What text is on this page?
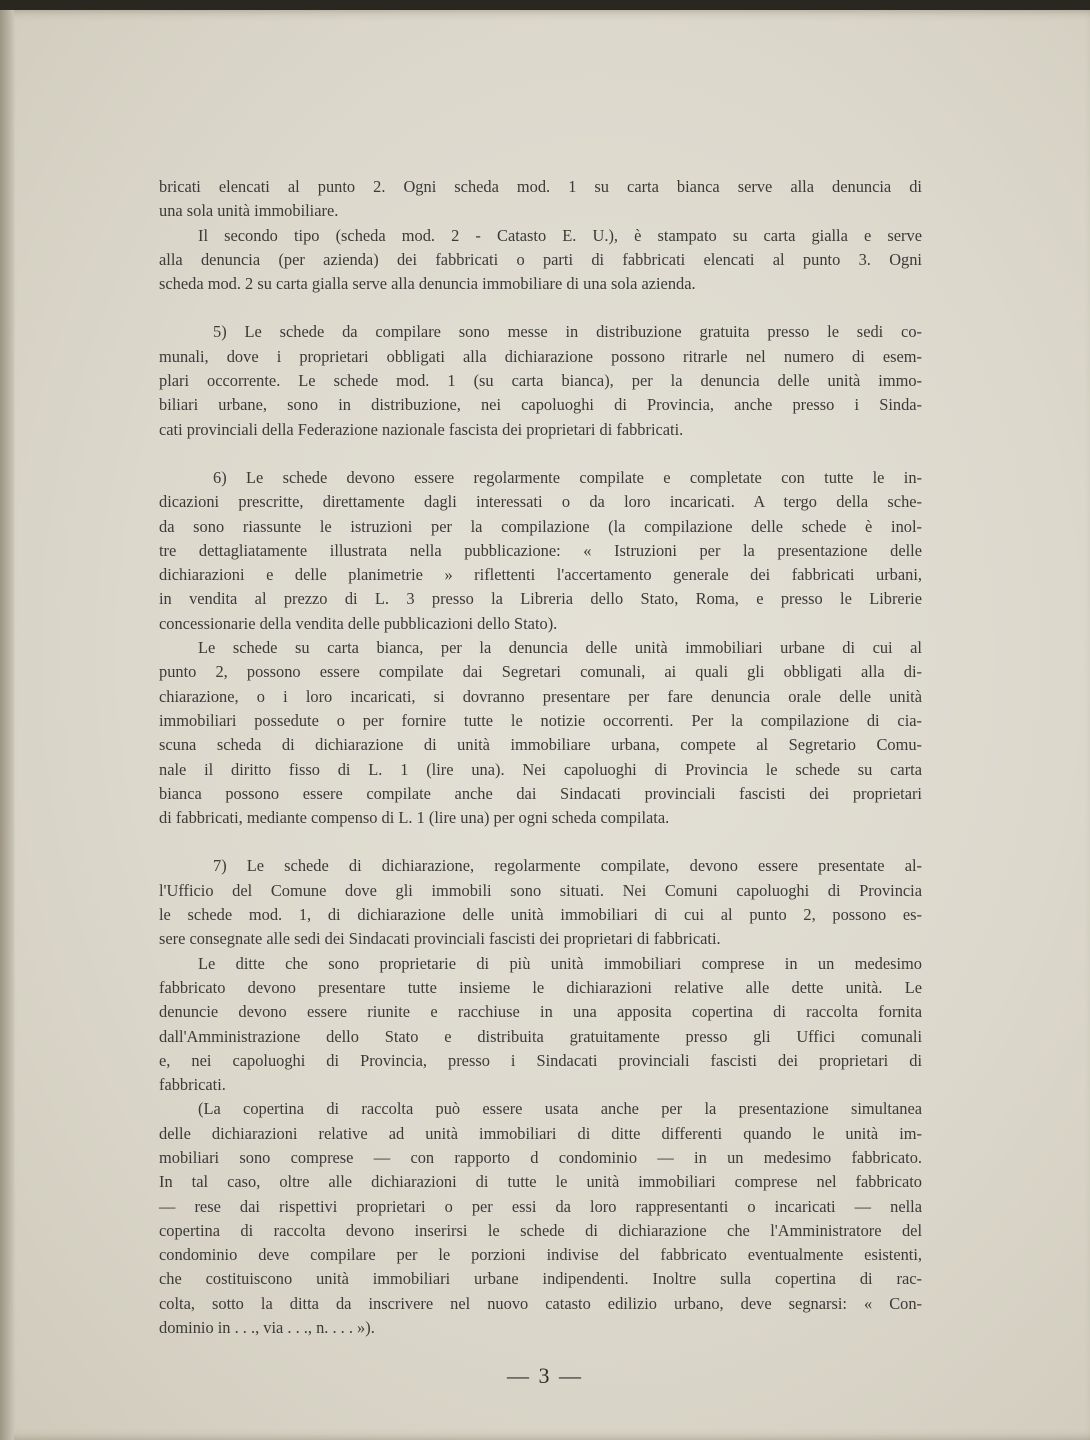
bricati elencati al punto 2. Ogni scheda mod. 1 su carta bianca serve alla denuncia di
una sola unità immobiliare.
Il secondo tipo (scheda mod. 2 - Catasto E. U.), è stampato su carta gialla e serve
alla denuncia (per azienda) dei fabbricati o parti di fabbricati elencati al punto 3. Ogni
scheda mod. 2 su carta gialla serve alla denuncia immobiliare di una sola azienda.
5) Le schede da compilare sono messe in distribuzione gratuita presso le sedi co-
munali, dove i proprietari obbligati alla dichiarazione possono ritrarle nel numero di esem-
plari occorrente. Le schede mod. 1 (su carta bianca), per la denuncia delle unità immo-
biliari urbane, sono in distribuzione, nei capoluoghi di Provincia, anche presso i Sinda-
cati provinciali della Federazione nazionale fascista dei proprietari di fabbricati.
6) Le schede devono essere regolarmente compilate e completate con tutte le in-
dicazioni prescritte, direttamente dagli interessati o da loro incaricati. A tergo della sche-
da sono riassunte le istruzioni per la compilazione (la compilazione delle schede è inol-
tre dettagliatamente illustrata nella pubblicazione: « Istruzioni per la presentazione delle
dichiarazioni e delle planimetrie » riflettenti l'accertamento generale dei fabbricati urbani,
in vendita al prezzo di L. 3 presso la Libreria dello Stato, Roma, e presso le Librerie
concessionarie della vendita delle pubblicazioni dello Stato).
Le schede su carta bianca, per la denuncia delle unità immobiliari urbane di cui al
punto 2, possono essere compilate dai Segretari comunali, ai quali gli obbligati alla di-
chiarazione, o i loro incaricati, si dovranno presentare per fare denuncia orale delle unità
immobiliari possedute o per fornire tutte le notizie occorrenti. Per la compilazione di cia-
scuna scheda di dichiarazione di unità immobiliare urbana, compete al Segretario Comu-
nale il diritto fisso di L. 1 (lire una). Nei capoluoghi di Provincia le schede su carta
bianca possono essere compilate anche dai Sindacati provinciali fascisti dei proprietari
di fabbricati, mediante compenso di L. 1 (lire una) per ogni scheda compilata.
7) Le schede di dichiarazione, regolarmente compilate, devono essere presentate al-
l'Ufficio del Comune dove gli immobili sono situati. Nei Comuni capoluoghi di Provincia
le schede mod. 1, di dichiarazione delle unità immobiliari di cui al punto 2, possono es-
sere consegnate alle sedi dei Sindacati provinciali fascisti dei proprietari di fabbricati.
Le ditte che sono proprietarie di più unità immobiliari comprese in un medesimo
fabbricato devono presentare tutte insieme le dichiarazioni relative alle dette unità. Le
denuncie devono essere riunite e racchiuse in una apposita copertina di raccolta fornita
dall'Amministrazione dello Stato e distribuita gratuitamente presso gli Uffici comunali
e, nei capoluoghi di Provincia, presso i Sindacati provinciali fascisti dei proprietari di
fabbricati.
(La copertina di raccolta può essere usata anche per la presentazione simultanea
delle dichiarazioni relative ad unità immobiliari di ditte differenti quando le unità im-
mobiliari sono comprese — con rapporto d condominio — in un medesimo fabbricato.
In tal caso, oltre alle dichiarazioni di tutte le unità immobiliari comprese nel fabbricato
— rese dai rispettivi proprietari o per essi da loro rappresentanti o incaricati — nella
copertina di raccolta devono inserirsi le schede di dichiarazione che l'Amministratore del
condominio deve compilare per le porzioni indivise del fabbricato eventualmente esistenti,
che costituiscono unità immobiliari urbane indipendenti. Inoltre sulla copertina di rac-
colta, sotto la ditta da inscrivere nel nuovo catasto edilizio urbano, deve segnarsi: « Con-
dominio in . . ., via . . ., n. . . . »).
— 3 —
